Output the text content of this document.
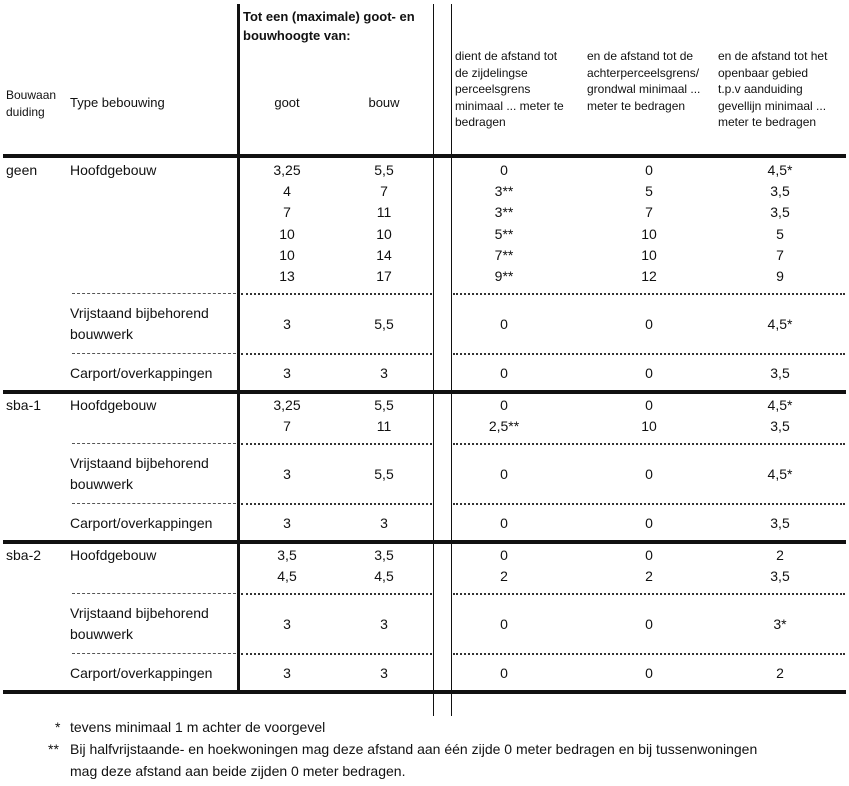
Bouwaan
duiding
Type bebouwing
Tot een (maximale) goot- en
bouwhoogte van:
goot	bouw
dient de afstand tot
de zijdelingse
perceelsgrens
minimaal ... meter te
bedragen
en de afstand tot de
achterperceelsgrens/
grondwal minimaal ...
meter te bedragen
en de afstand tot het
openbaar gebied
t.p.v aanduiding
gevellijn minimaal ...
meter te bedragen
geen Hoofdgebouw	3,25	5,5	0	0	4,5*
4	7	3**	5	3,5
7	11	3**	7	3,5
10	10	5**	10	5
10	14	7**	10	7
13	17	9**	12	9
Vrijstaand bijbehorend
bouwwerk
3	5,5	0	0	4,5*
Carport/overkappingen	3	3	0	0	3,5
sba-1 Hoofdgebouw	3,25	5,5	0	0	4,5*
7	11	2,5**	10	3,5
Vrijstaand bijbehorend
bouwwerk
3	5,5	0	0	4,5*
Carport/overkappingen	3	3	0	0	3,5
sba-2 Hoofdgebouw	3,5	3,5	0	0	2
4,5	4,5	2	2	3,5
Vrijstaand bijbehorend
bouwwerk
3	3	0	0	3*
Carport/overkappingen	3	3	0	0	2
* tevens minimaal 1 m achter de voorgevel
** Bij halfvrijstaande- en hoekwoningen mag deze afstand aan één zijde 0 meter bedragen en bij tussenwoningen
mag deze afstand aan beide zijden 0 meter bedragen.
